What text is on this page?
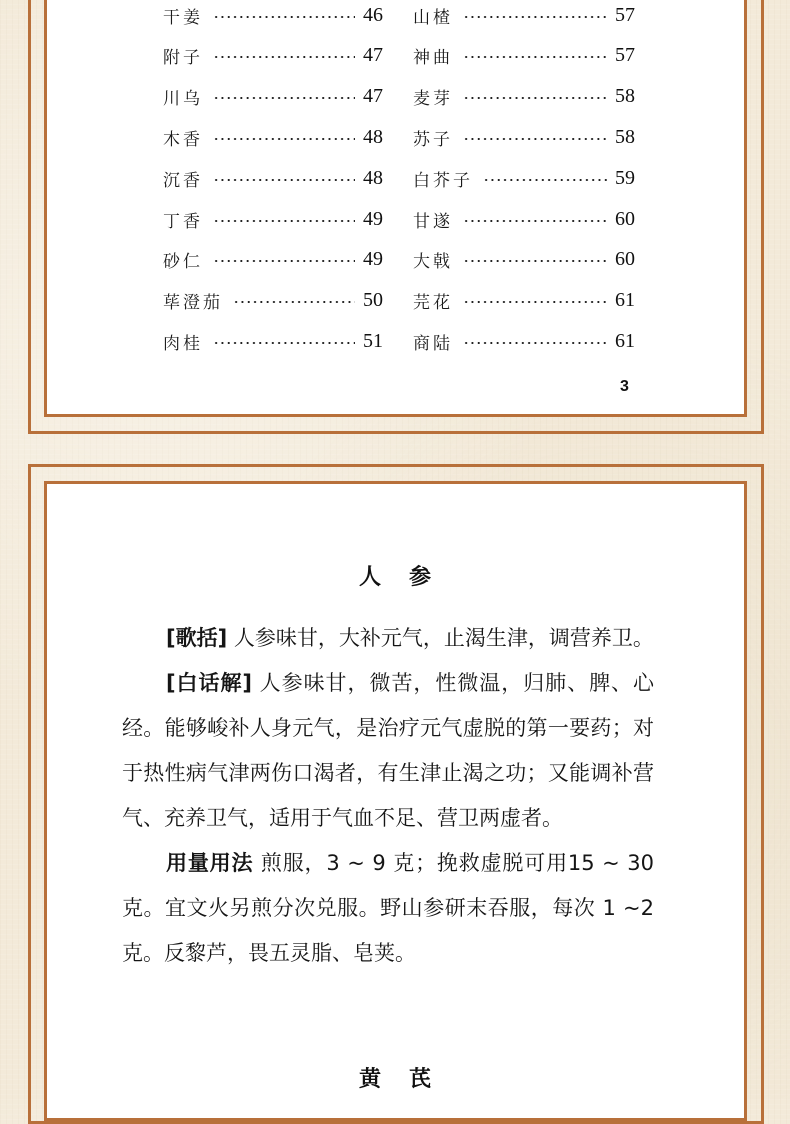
干姜	46
附子	47
川乌	47
木香	48
沉香	48
丁香	49
砂仁	49
荜澄茄	50
肉桂	51
山楂	57
神曲	57
麦芽	58
苏子	58
白芥子	59
甘遂	60
大戟	60
芫花	61
商陆	61
3
人参

[歌括] 人参味甘，大补元气，止渴生津，调营养卫。

[白话解] 人参味甘，微苦，性微温，归肺、脾、心经。能够峻补人身元气，是治疗元气虚脱的第一要药；对于热性病气津两伤口渴者，有生津止渴之功；又能调补营气、充养卫气，适用于气血不足、营卫两虚者。

用量用法 煎服，3 ~ 9 克；挽救虚脱可用15 ~ 30 克。宜文火另煎分次兑服。野山参研末吞服，每次 1 ~2 克。反黎芦，畏五灵脂、皂荚。

黄芪
